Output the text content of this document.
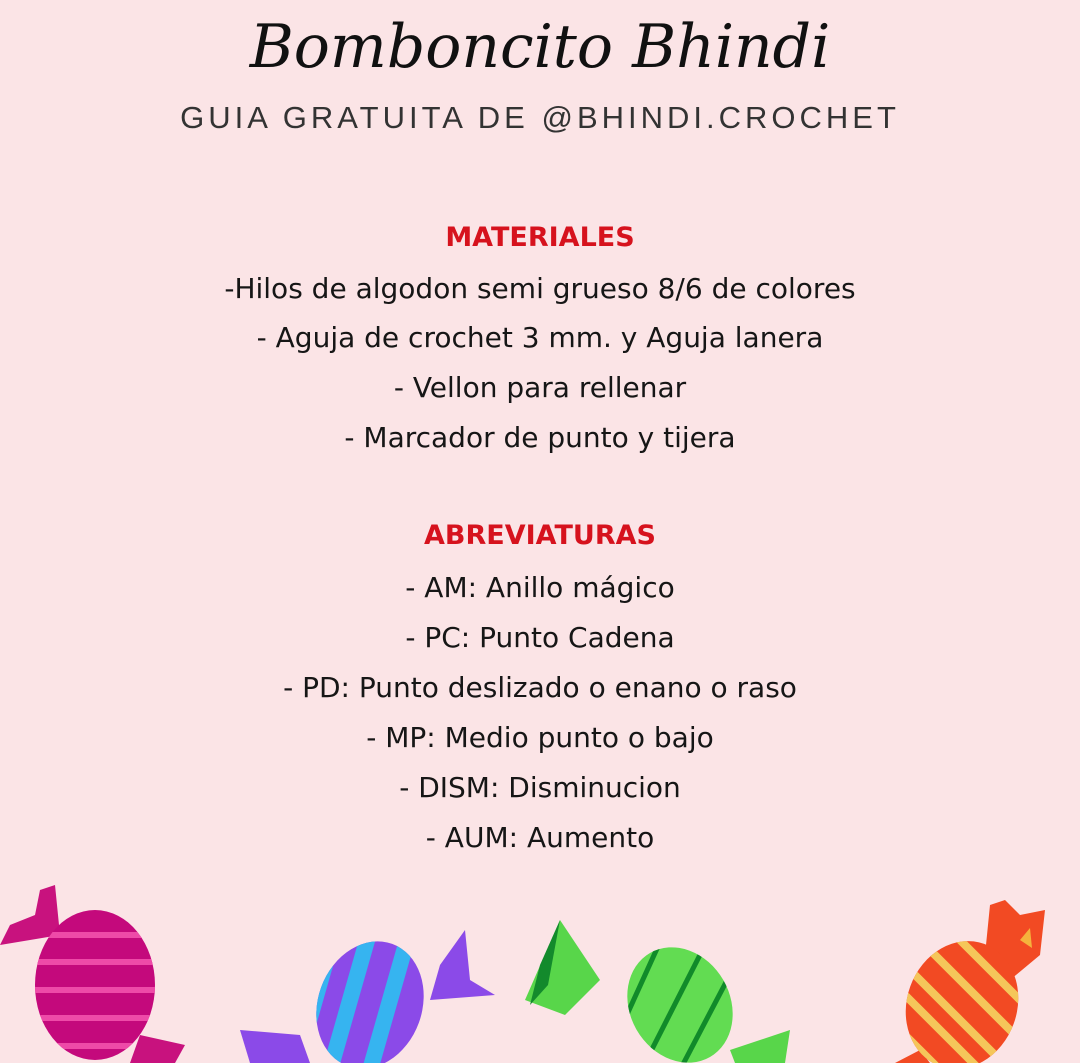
Bomboncito Bhindi
GUIA GRATUITA DE @BHINDI.CROCHET
MATERIALES
-Hilos de algodon semi grueso 8/6 de colores
- Aguja de crochet 3 mm. y Aguja lanera
- Vellon para rellenar
- Marcador de punto y tijera
ABREVIATURAS
- AM: Anillo mágico
- PC: Punto Cadena
- PD: Punto deslizado o enano o raso
- MP: Medio punto o bajo
- DISM: Disminucion
- AUM: Aumento
